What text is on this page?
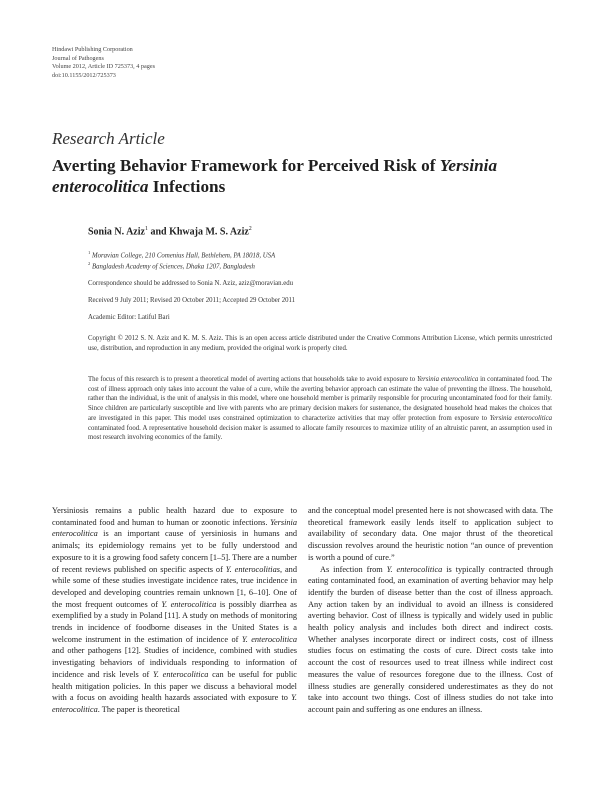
Hindawi Publishing Corporation
Journal of Pathogens
Volume 2012, Article ID 725373, 4 pages
doi:10.1155/2012/725373
Research Article
Averting Behavior Framework for Perceived Risk of Yersinia
enterocolitica Infections
Sonia N. Aziz$^1$ and Khwaja M. S. Aziz$^2$
$^1$ Moravian College, 210 Comenius Hall, Bethlehem, PA 18018, USA
$^2$ Bangladesh Academy of Sciences, Dhaka 1207, Bangladesh
Correspondence should be addressed to Sonia N. Aziz, aziz@moravian.edu
Received 9 July 2011; Revised 20 October 2011; Accepted 29 October 2011
Academic Editor: Latiful Bari
Copyright © 2012 S. N. Aziz and K. M. S. Aziz. This is an open access article distributed under the Creative Commons Attribution License, which permits unrestricted use, distribution, and reproduction in any medium, provided the original work is properly cited.
The focus of this research is to present a theoretical model of averting actions that households take to avoid exposure to Yersinia enterocolitica in contaminated food. The cost of illness approach only takes into account the value of a cure, while the averting behavior approach can estimate the value of preventing the illness. The household, rather than the individual, is the unit of analysis in this model, where one household member is primarily responsible for procuring uncontaminated food for their family. Since children are particularly susceptible and live with parents who are primary decision makers for sustenance, the designated household head makes the choices that are investigated in this paper. This model uses constrained optimization to characterize activities that may offer protection from exposure to Yersinia enterocolitica contaminated food. A representative household decision maker is assumed to allocate family resources to maximize utility of an altruistic parent, an assumption used in most research involving economics of the family.

Yersiniosis remains a public health hazard due to exposure to contaminated food and human to human or zoonotic infections. Yersinia enterocolitica is an important cause of yersiniosis in humans and animals; its epidemiology remains yet to be fully understood and exposure to it is a growing food safety concern [1–5]. There are a number of recent reviews published on specific aspects of Y. enterocolitias, and while some of these studies investigate incidence rates, true incidence in developed and developing countries remain unknown [1, 6–10]. One of the most frequent outcomes of Y. enterocolitica is possibly diarrhea as exemplified by a study in Poland [11]. A study on methods of monitoring trends in incidence of foodborne diseases in the United States is a welcome instrument in the estimation of incidence of Y. enterocolitica and other pathogens [12]. Studies of incidence, combined with studies investigating behaviors of individuals responding to information of incidence and risk levels of Y. enterocolitica can be useful for public health mitigation policies. In this paper we discuss a behavioral model with a focus on avoiding health hazards associated with exposure to Y. enterocolitica. The paper is theoretical

and the conceptual model presented here is not showcased with data. The theoretical framework easily lends itself to application subject to availability of secondary data. One major thrust of the theoretical discussion revolves around the heuristic notion “an ounce of prevention is worth a pound of cure.”

As infection from Y. enterocolitica is typically contracted through eating contaminated food, an examination of averting behavior may help identify the burden of disease better than the cost of illness approach. Any action taken by an individual to avoid an illness is considered averting behavior. Cost of illness is typically and widely used in public health policy analysis and includes both direct and indirect costs. Whether analyses incorporate direct or indirect costs, cost of illness studies focus on estimating the costs of cure. Direct costs take into account the cost of resources used to treat illness while indirect cost measures the value of resources foregone due to the illness. Cost of illness studies are generally considered underestimates as they do not take into account two things. Cost of illness studies do not take into account pain and suffering as one endures an illness.
